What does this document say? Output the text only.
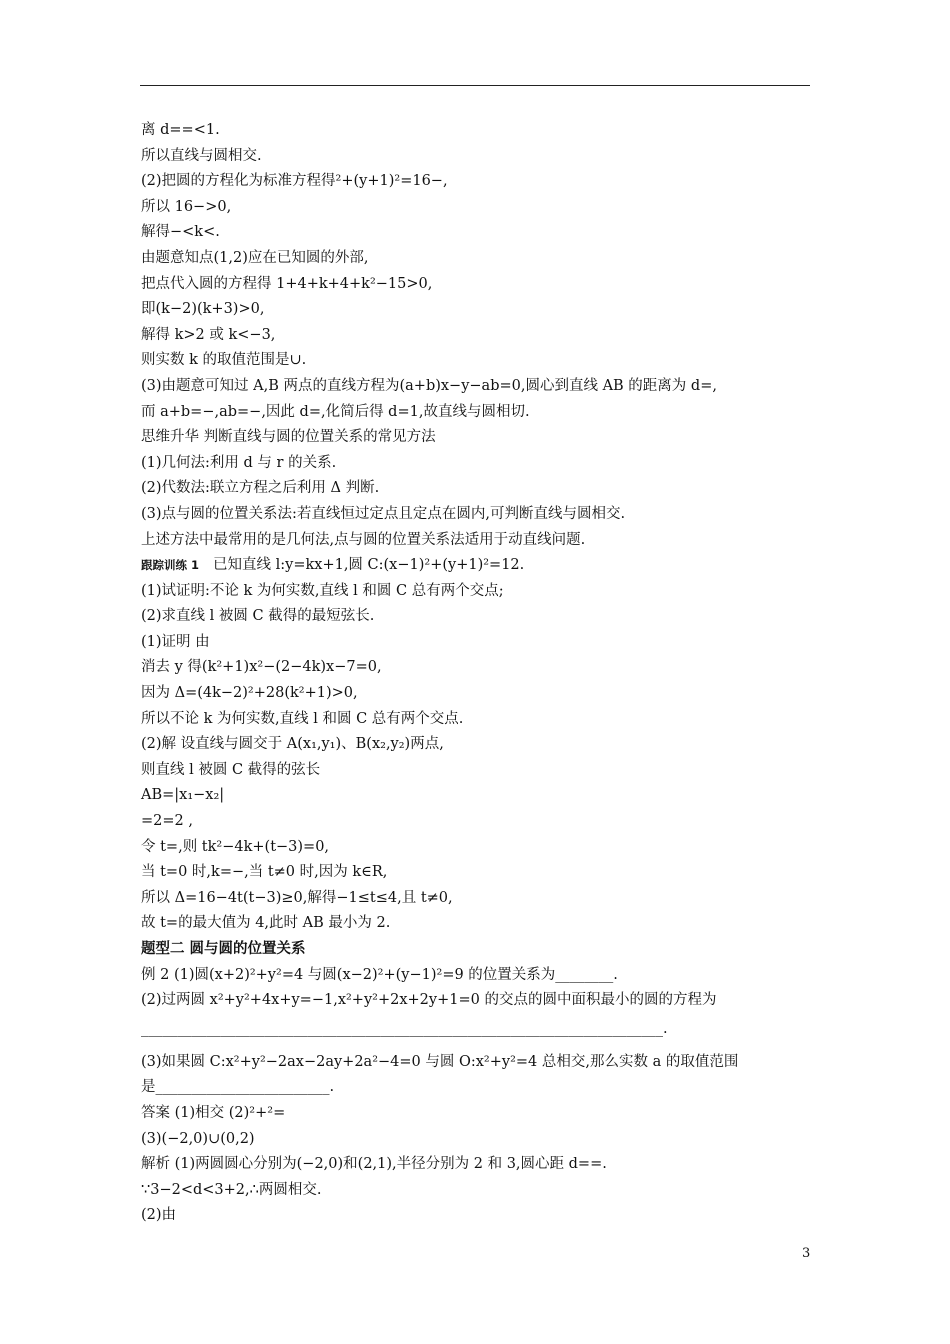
离 d==<1.
所以直线与圆相交.
(2)把圆的方程化为标准方程得²+(y+1)²=16−,
所以 16−>0,
解得−<k<.
由题意知点(1,2)应在已知圆的外部,
把点代入圆的方程得 1+4+k+4+k²−15>0,
即(k−2)(k+3)>0,
解得 k>2 或 k<−3,
则实数 k 的取值范围是∪.
(3)由题意可知过 A,B 两点的直线方程为(a+b)x−y−ab=0,圆心到直线 AB 的距离为 d=,
而 a+b=−,ab=−,因此 d=,化简后得 d=1,故直线与圆相切.
思维升华 判断直线与圆的位置关系的常见方法
(1)几何法:利用 d 与 r 的关系.
(2)代数法:联立方程之后利用 Δ 判断.
(3)点与圆的位置关系法:若直线恒过定点且定点在圆内,可判断直线与圆相交.
上述方法中最常用的是几何法,点与圆的位置关系法适用于动直线问题.
跟踪训练 1 已知直线 l:y=kx+1,圆 C:(x−1)²+(y+1)²=12.
(1)试证明:不论 k 为何实数,直线 l 和圆 C 总有两个交点;
(2)求直线 l 被圆 C 截得的最短弦长.
(1)证明 由
消去 y 得(k²+1)x²−(2−4k)x−7=0,
因为 Δ=(4k−2)²+28(k²+1)>0,
所以不论 k 为何实数,直线 l 和圆 C 总有两个交点.
(2)解 设直线与圆交于 A(x₁,y₁)、B(x₂,y₂)两点,
则直线 l 被圆 C 截得的弦长
AB=|x₁−x₂|
=2=2 ,
令 t=,则 tk²−4k+(t−3)=0,
当 t=0 时,k=−,当 t≠0 时,因为 k∈R,
所以 Δ=16−4t(t−3)≥0,解得−1≤t≤4,且 t≠0,
故 t=的最大值为 4,此时 AB 最小为 2.
题型二 圆与圆的位置关系
例 2 (1)圆(x+2)²+y²=4 与圆(x−2)²+(y−1)²=9 的位置关系为________.
(2)过两圆 x²+y²+4x+y=−1,x²+y²+2x+2y+1=0 的交点的圆中面积最小的圆的方程为
________________________________________________________________________.
(3)如果圆 C:x²+y²−2ax−2ay+2a²−4=0 与圆 O:x²+y²=4 总相交,那么实数 a 的取值范围
是________________________.
答案 (1)相交 (2)²+²=
(3)(−2,0)∪(0,2)
解析 (1)两圆圆心分别为(−2,0)和(2,1),半径分别为 2 和 3,圆心距 d==.
∵3−2<d<3+2,∴两圆相交.
(2)由
3
